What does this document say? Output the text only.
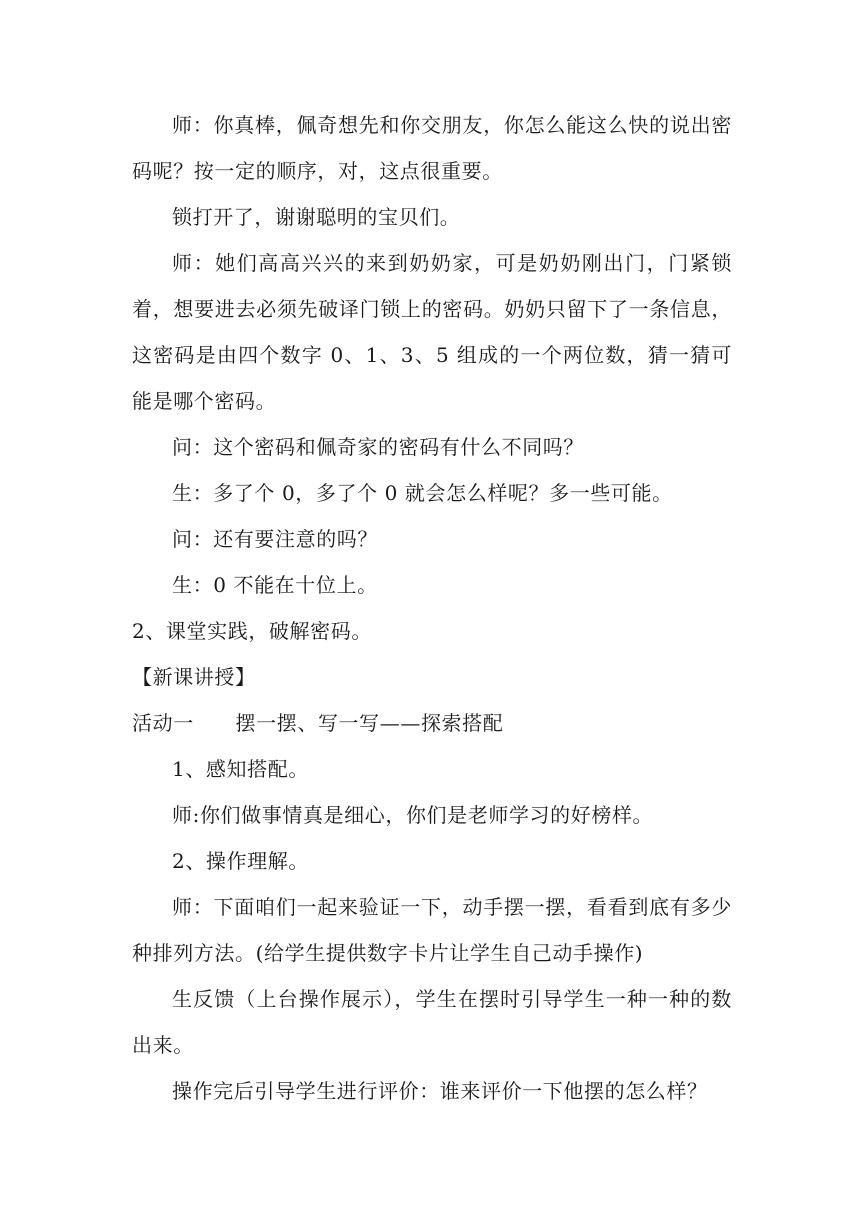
师：你真棒，佩奇想先和你交朋友，你怎么能这么快的说出密码呢？按一定的顺序，对，这点很重要。

锁打开了，谢谢聪明的宝贝们。

师：她们高高兴兴的来到奶奶家，可是奶奶刚出门，门紧锁着，想要进去必须先破译门锁上的密码。奶奶只留下了一条信息，这密码是由四个数字 0、1、3、5 组成的一个两位数，猜一猜可能是哪个密码。

问：这个密码和佩奇家的密码有什么不同吗？

生：多了个 0，多了个 0 就会怎么样呢？多一些可能。

问：还有要注意的吗？

生：0 不能在十位上。

2、课堂实践，破解密码。

【新课讲授】

活动一      摆一摆、写一写——探索搭配

1、感知搭配。

师:你们做事情真是细心，你们是老师学习的好榜样。

2、操作理解。

师：下面咱们一起来验证一下，动手摆一摆，看看到底有多少种排列方法。(给学生提供数字卡片让学生自己动手操作)

生反馈（上台操作展示），学生在摆时引导学生一种一种的数出来。

操作完后引导学生进行评价：谁来评价一下他摆的怎么样？
